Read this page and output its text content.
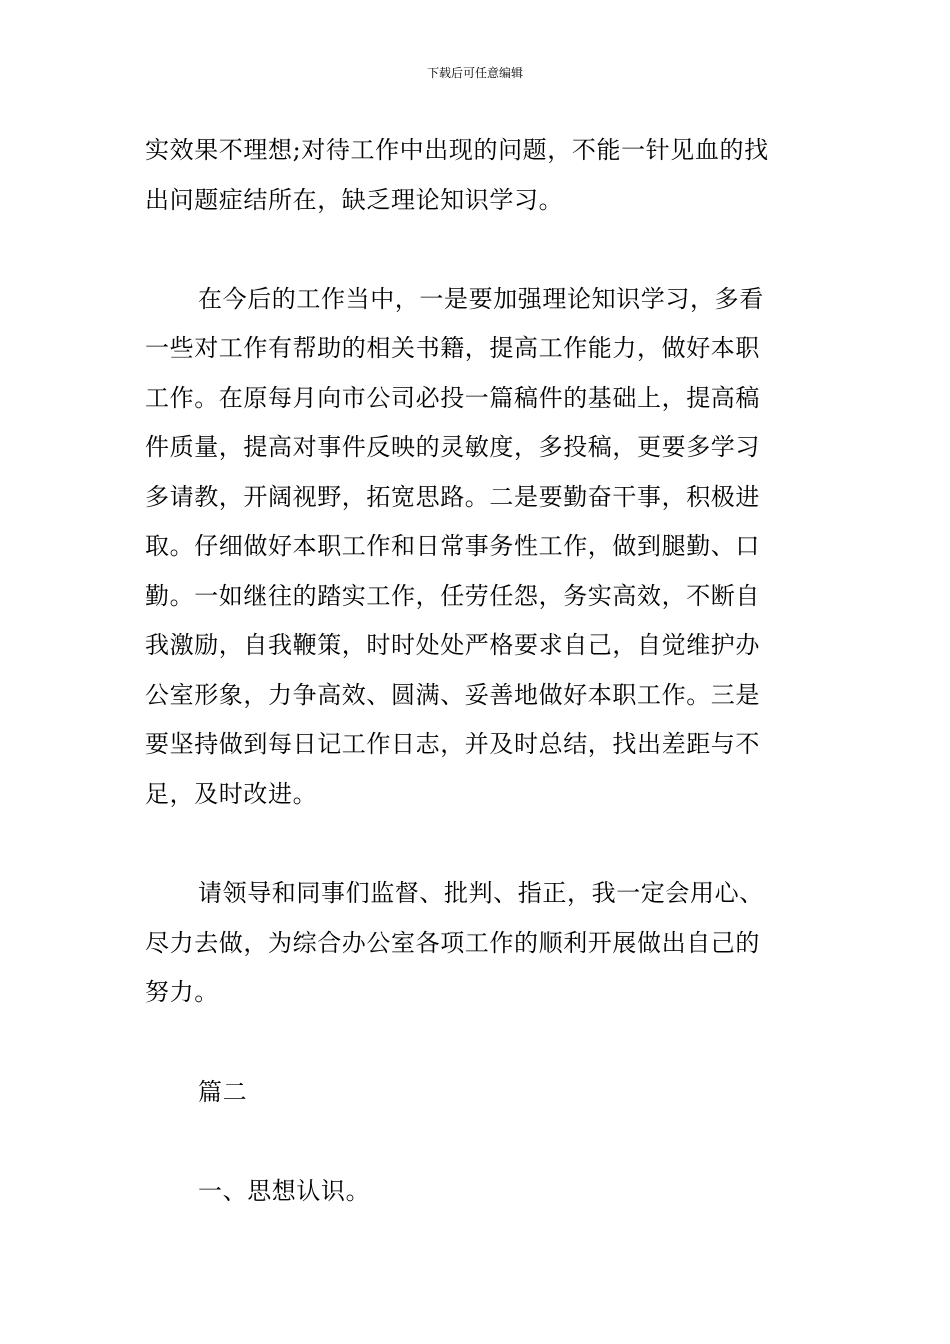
下载后可任意编辑
实效果不理想;对待工作中出现的问题，不能一针见血的找
出问题症结所在，缺乏理论知识学习。
在今后的工作当中，一是要加强理论知识学习，多看
一些对工作有帮助的相关书籍，提高工作能力，做好本职
工作。在原每月向市公司必投一篇稿件的基础上，提高稿
件质量，提高对事件反映的灵敏度，多投稿，更要多学习
多请教，开阔视野，拓宽思路。二是要勤奋干事，积极进
取。仔细做好本职工作和日常事务性工作，做到腿勤、口
勤。一如继往的踏实工作，任劳任怨，务实高效，不断自
我激励，自我鞭策，时时处处严格要求自己，自觉维护办
公室形象，力争高效、圆满、妥善地做好本职工作。三是
要坚持做到每日记工作日志，并及时总结，找出差距与不
足，及时改进。
请领导和同事们监督、批判、指正，我一定会用心、
尽力去做，为综合办公室各项工作的顺利开展做出自己的
努力。
篇二
一、思想认识。
